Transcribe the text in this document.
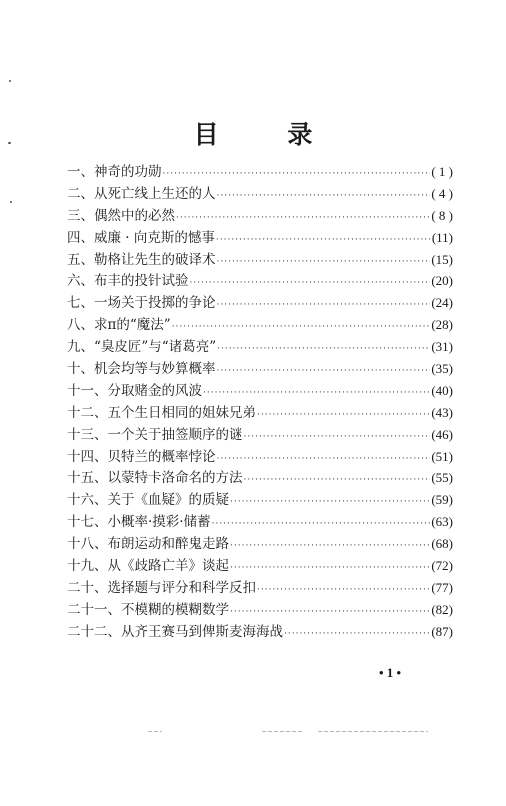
目 录
一、 神奇的功勋 ·····	( 1 )
二、 从死亡线上生还的人 ·····	( 4 )
三、 偶然中的必然 ·····	( 8 )
四、 威廉 · 向克斯的憾事 ·····	(11)
五、 勒格让先生的破译术 ·····	(15)
六、 布丰的投针试验 ·····	(20)
七、 一场关于投掷的争论 ·····	(24)
八、 求π的“魔法” ·····	(28)
九、 “臭皮匠”与“诸葛亮” ·····	(31)
十、 机会均等与妙算概率 ·····	(35)
十一、 分取赌金的风波 ·····	(40)
十二、 五个生日相同的姐妹兄弟 ·····	(43)
十三、 一个关于抽签顺序的谜 ·····	(46)
十四、 贝特兰的概率悖论 ·····	(51)
十五、 以蒙特卡洛命名的方法 ·····	(55)
十六、 关于《血疑》的质疑 ·····	(59)
十七、 小概率·摸彩·储蓄 ·····	(63)
十八、 布朗运动和醉鬼走路 ·····	(68)
十九、 从《歧路亡羊》谈起 ·····	(72)
二十、 选择题与评分和科学反扣 ·····	(77)
二十一、 不模糊的模糊数学 ·····	(82)
二十二、 从齐王赛马到俾斯麦海海战 ·····	(87)
• 1 •
